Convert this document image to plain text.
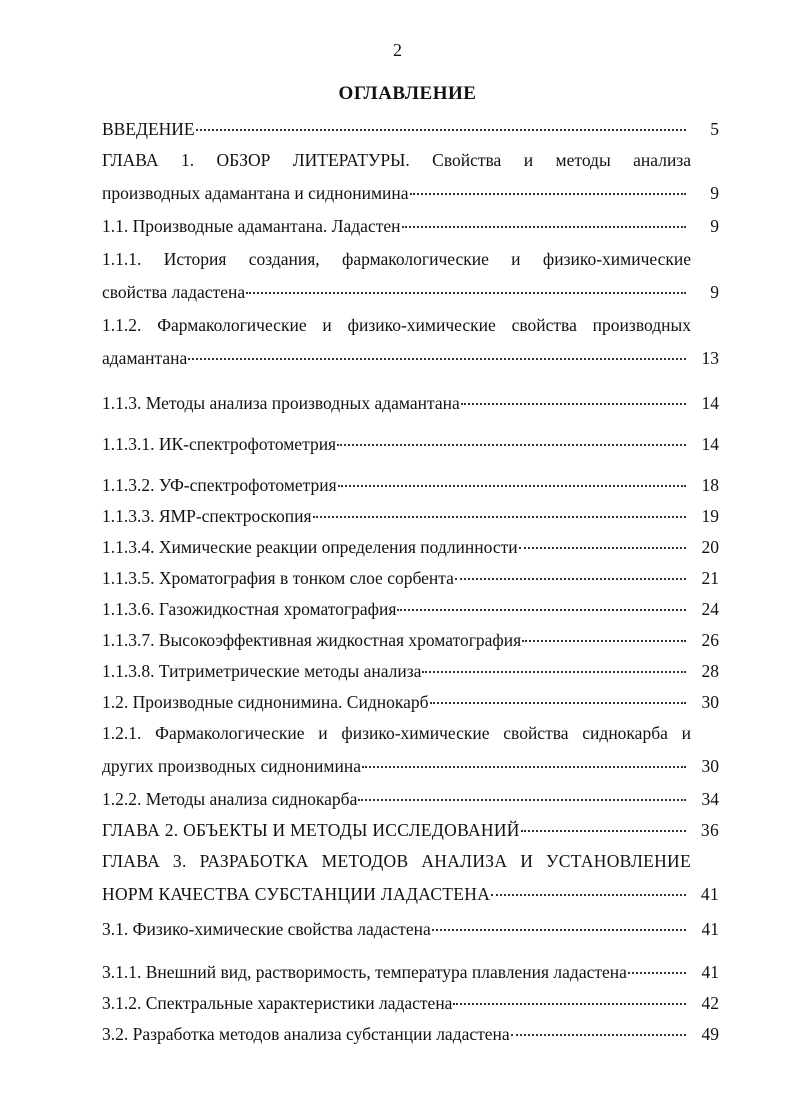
2
ОГЛАВЛЕНИЕ
ВВЕДЕНИЕ	5
ГЛАВА 1. ОБЗОР ЛИТЕРАТУРЫ. Свойства и методы анализа
производных адамантана и сиднонимина	9
1.1. Производные адамантана. Ладастен	9
1.1.1. История создания, фармакологические и физико-химические
свойства ладастена	9
1.1.2. Фармакологические и физико-химические свойства производных
адамантана	13
1.1.3. Методы анализа производных адамантана	14
1.1.3.1. ИК-спектрофотометрия	14
1.1.3.2. УФ-спектрофотометрия	18
1.1.3.3. ЯМР-спектроскопия	19
1.1.3.4. Химические реакции определения подлинности	20
1.1.3.5. Хроматография в тонком слое сорбента	21
1.1.3.6. Газожидкостная хроматография	24
1.1.3.7. Высокоэффективная жидкостная хроматография	26
1.1.3.8. Титриметрические методы анализа	28
1.2. Производные сиднонимина. Сиднокарб	30
1.2.1. Фармакологические и физико-химические свойства сиднокарба и
других производных сиднонимина	30
1.2.2. Методы анализа сиднокарба	34
ГЛАВА 2. ОБЪЕКТЫ И МЕТОДЫ ИССЛЕДОВАНИЙ	36
ГЛАВА 3. РАЗРАБОТКА МЕТОДОВ АНАЛИЗА И УСТАНОВЛЕНИЕ
НОРМ КАЧЕСТВА СУБСТАНЦИИ ЛАДАСТЕНА	41
3.1. Физико-химические свойства ладастена	41
3.1.1. Внешний вид, растворимость, температура плавления ладастена	41
3.1.2. Спектральные характеристики ладастена	42
3.2. Разработка методов анализа субстанции ладастена	49
